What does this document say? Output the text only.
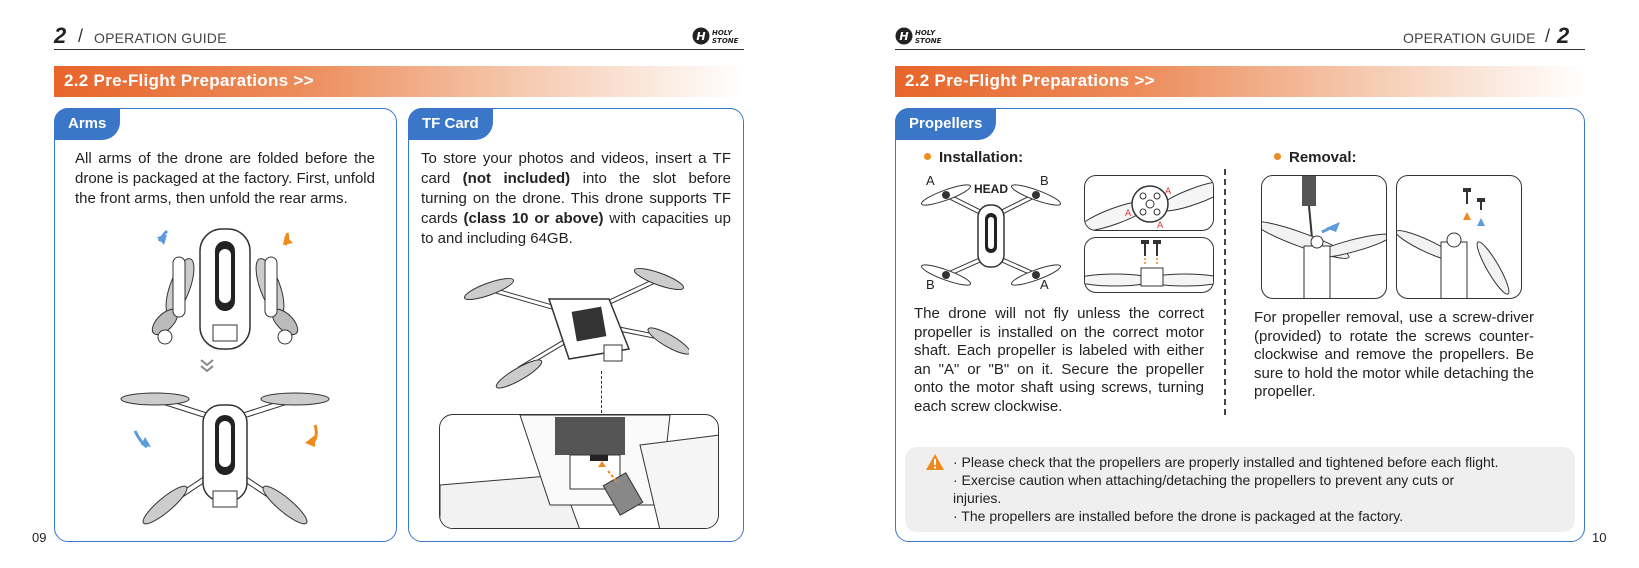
2 / OPERATION GUIDE	H HOLY
STONE
2.2 Pre-Flight Preparations >>
Arms
All arms of the drone are folded before the drone is packaged at the factory. First, unfold the front arms, then unfold the rear arms.
TF Card
To store your photos and videos, insert a TF card (not included) into the slot before turning on the drone. This drone supports TF cards (class 10 or above) with capacities up to and including 64GB.
09
H HOLY
STONE	OPERATION GUIDE / 2
2.2 Pre-Flight Preparations >>
Propellers
Installation:	Removal:
HEAD
A	B
B	A
A
A
A
The drone will not fly unless the correct propeller is installed on the correct motor shaft. Each propeller is labeled with either an "A" or "B" on it. Secure the propeller onto the motor shaft using screws, turning each screw clockwise.
For propeller removal, use a screw-driver (provided) to rotate the screws counter-clockwise and remove the propellers. Be sure to hold the motor while detaching the propeller.
· Please check that the propellers are properly installed and tightened before each flight.
· Exercise caution when attaching/detaching the propellers to prevent any cuts or
injuries.
· The propellers are installed before the drone is packaged at the factory.
10
